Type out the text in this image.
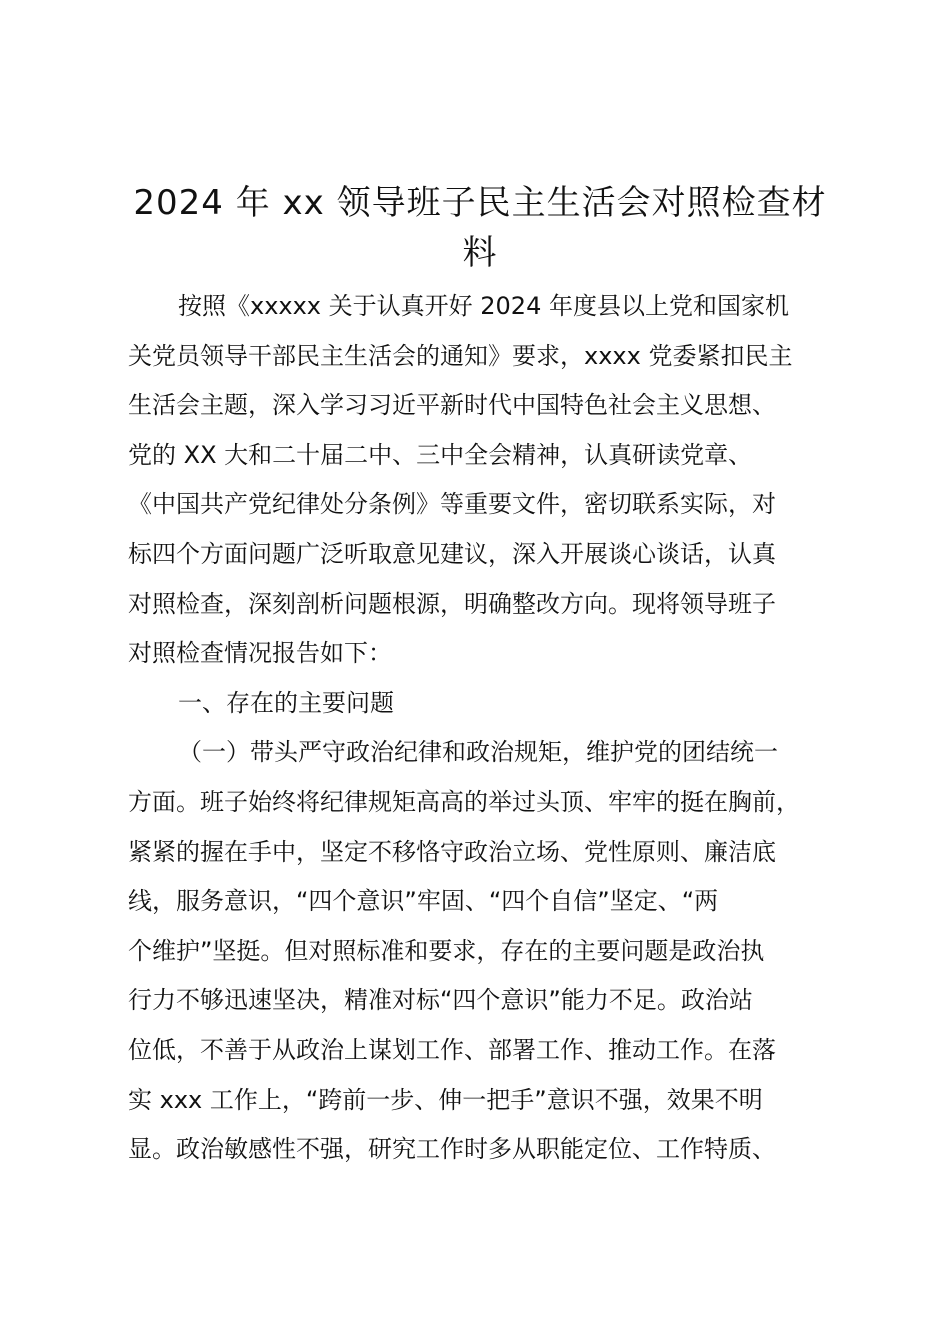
2024 年 xx 领导班子民主生活会对照检查材
料
按照《xxxxx 关于认真开好 2024 年度县以上党和国家机
关党员领导干部民主生活会的通知》要求，xxxx 党委紧扣民主
生活会主题，深入学习习近平新时代中国特色社会主义思想、
党的 XX 大和二十届二中、三中全会精神，认真研读党章、
《中国共产党纪律处分条例》等重要文件，密切联系实际，对
标四个方面问题广泛听取意见建议，深入开展谈心谈话，认真
对照检查，深刻剖析问题根源，明确整改方向。现将领导班子
对照检查情况报告如下：
一、存在的主要问题
（一）带头严守政治纪律和政治规矩，维护党的团结统一
方面。班子始终将纪律规矩高高的举过头顶、牢牢的挺在胸前，
紧紧的握在手中，坚定不移恪守政治立场、党性原则、廉洁底
线，服务意识，“四个意识”牢固、“四个自信”坚定、“两
个维护”坚挺。但对照标准和要求，存在的主要问题是政治执
行力不够迅速坚决，精准对标“四个意识”能力不足。政治站
位低，不善于从政治上谋划工作、部署工作、推动工作。在落
实 xxx 工作上，“跨前一步、伸一把手”意识不强，效果不明
显。政治敏感性不强，研究工作时多从职能定位、工作特质、
